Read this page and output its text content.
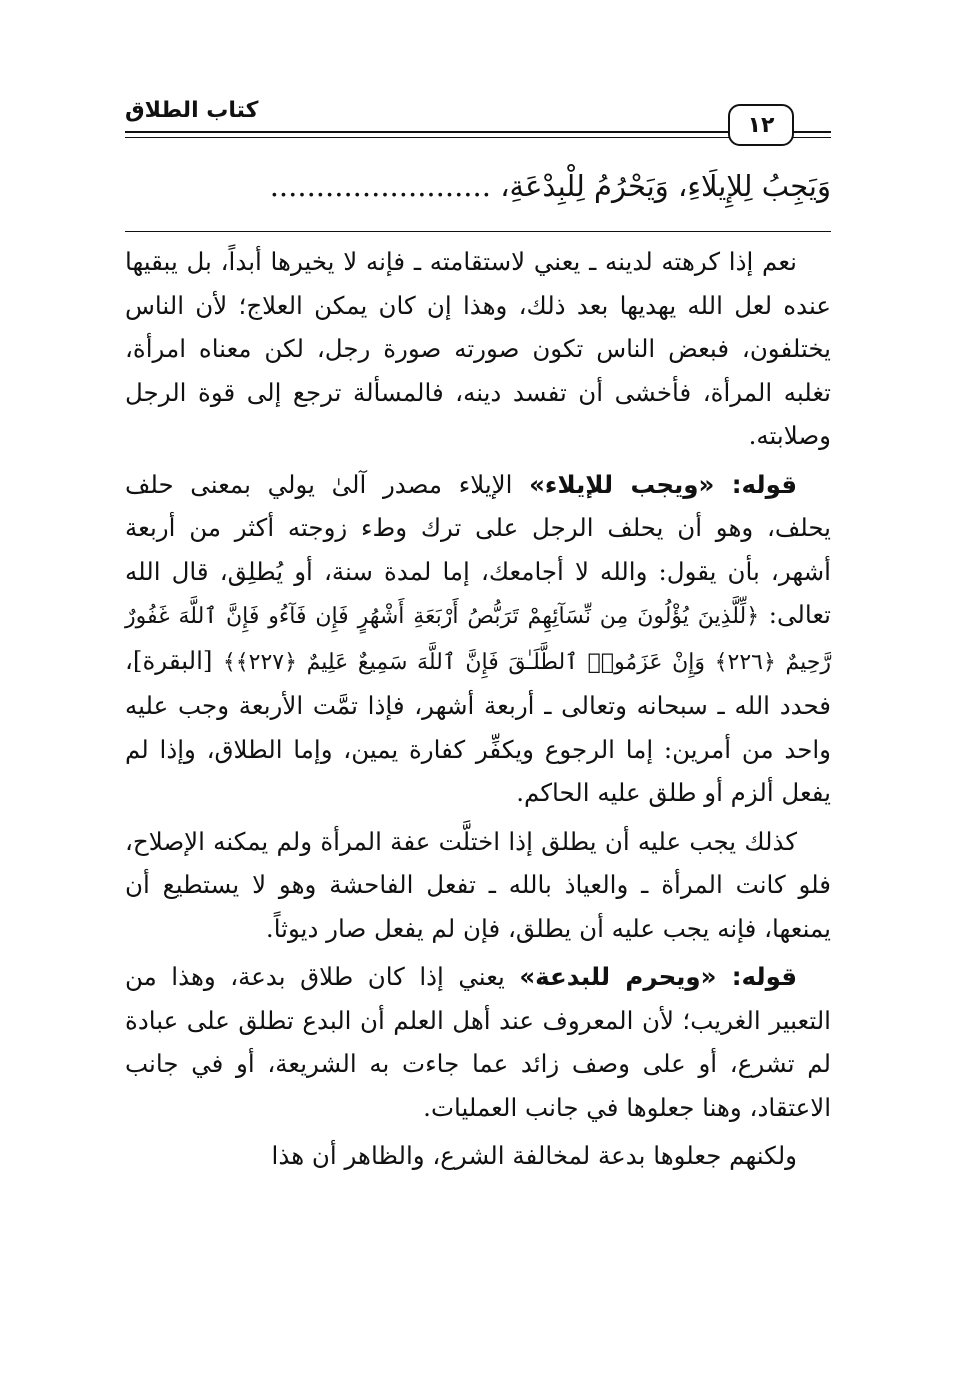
كتاب الطلاق
١٢
وَيَجِبُ لِلإِيلَاءِ، وَيَحْرُمُ لِلْبِدْعَةِ، ........................

نعم إذا كرهته لدينه ـ يعني لاستقامته ـ فإنه لا يخيرها أبداً، بل يبقيها عنده لعل الله يهديها بعد ذلك، وهذا إن كان يمكن العلاج؛ لأن الناس يختلفون، فبعض الناس تكون صورته صورة رجل، لكن معناه امرأة، تغلبه المرأة، فأخشى أن تفسد دينه، فالمسألة ترجع إلى قوة الرجل وصلابته.

قوله: «ويجب للإيلاء» الإيلاء مصدر آلىٰ يولي بمعنى حلف يحلف، وهو أن يحلف الرجل على ترك وطء زوجته أكثر من أربعة أشهر، بأن يقول: والله لا أجامعك، إما لمدة سنة، أو يُطلِق، قال الله تعالى: ﴿لِّلَّذِينَ يُؤْلُونَ مِن نِّسَآئِهِمْ تَرَبُّصُ أَرْبَعَةِ أَشْهُرٍ فَإِن فَآءُو فَإِنَّ ٱللَّهَ غَفُورٌ رَّحِيمٌ ﴿٢٢٦﴾ وَإِنْ عَزَمُوا۟ ٱلطَّلَـٰقَ فَإِنَّ ٱللَّهَ سَمِيعٌ عَلِيمٌ ﴿٢٢٧﴾﴾ [البقرة]، فحدد الله ـ سبحانه وتعالى ـ أربعة أشهر، فإذا تمَّت الأربعة وجب عليه واحد من أمرين: إما الرجوع ويكفِّر كفارة يمين، وإما الطلاق، وإذا لم يفعل ألزم أو طلق عليه الحاكم.

كذلك يجب عليه أن يطلق إذا اختلَّت عفة المرأة ولم يمكنه الإصلاح، فلو كانت المرأة ـ والعياذ بالله ـ تفعل الفاحشة وهو لا يستطيع أن يمنعها، فإنه يجب عليه أن يطلق، فإن لم يفعل صار ديوثاً.

قوله: «ويحرم للبدعة» يعني إذا كان طلاق بدعة، وهذا من التعبير الغريب؛ لأن المعروف عند أهل العلم أن البدع تطلق على عبادة لم تشرع، أو على وصف زائد عما جاءت به الشريعة، أو في جانب الاعتقاد، وهنا جعلوها في جانب العمليات.

ولكنهم جعلوها بدعة لمخالفة الشرع، والظاهر أن هذا
